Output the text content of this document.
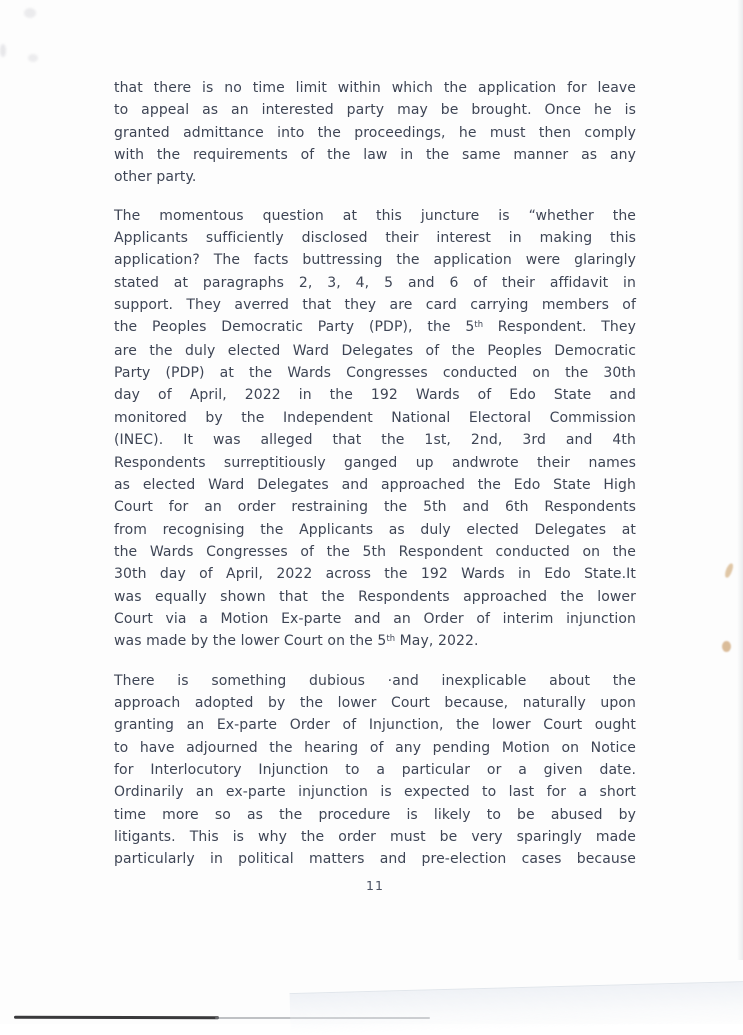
that there is no time limit within which the application for leave
to appeal as an interested party may be brought. Once he is
granted admittance into the proceedings, he must then comply
with the requirements of the law in the same manner as any
other party.
The momentous question at this juncture is “whether the
Applicants sufficiently disclosed their interest in making this
application? The facts buttressing the application were glaringly
stated at paragraphs 2, 3, 4, 5 and 6 of their affidavit in
support. They averred that they are card carrying members of
the Peoples Democratic Party (PDP), the 5th Respondent. They
are the duly elected Ward Delegates of the Peoples Democratic
Party (PDP) at the Wards Congresses conducted on the 30th
day of April, 2022 in the 192 Wards of Edo State and
monitored by the Independent National Electoral Commission
(INEC). It was alleged that the 1st, 2nd, 3rd and 4th
Respondents surreptitiously ganged up andwrote their names
as elected Ward Delegates and approached the Edo State High
Court for an order restraining the 5th and 6th Respondents
from recognising the Applicants as duly elected Delegates at
the Wards Congresses of the 5th Respondent conducted on the
30th day of April, 2022 across the 192 Wards in Edo State.It
was equally shown that the Respondents approached the lower
Court via a Motion Ex-parte and an Order of interim injunction
was made by the lower Court on the 5th May, 2022.
There is something dubious ·and inexplicable about the
approach adopted by the lower Court because, naturally upon
granting an Ex-parte Order of Injunction, the lower Court ought
to have adjourned the hearing of any pending Motion on Notice
for Interlocutory Injunction to a particular or a given date.
Ordinarily an ex-parte injunction is expected to last for a short
time more so as the procedure is likely to be abused by
litigants. This is why the order must be very sparingly made
particularly in political matters and pre-election cases because
11
